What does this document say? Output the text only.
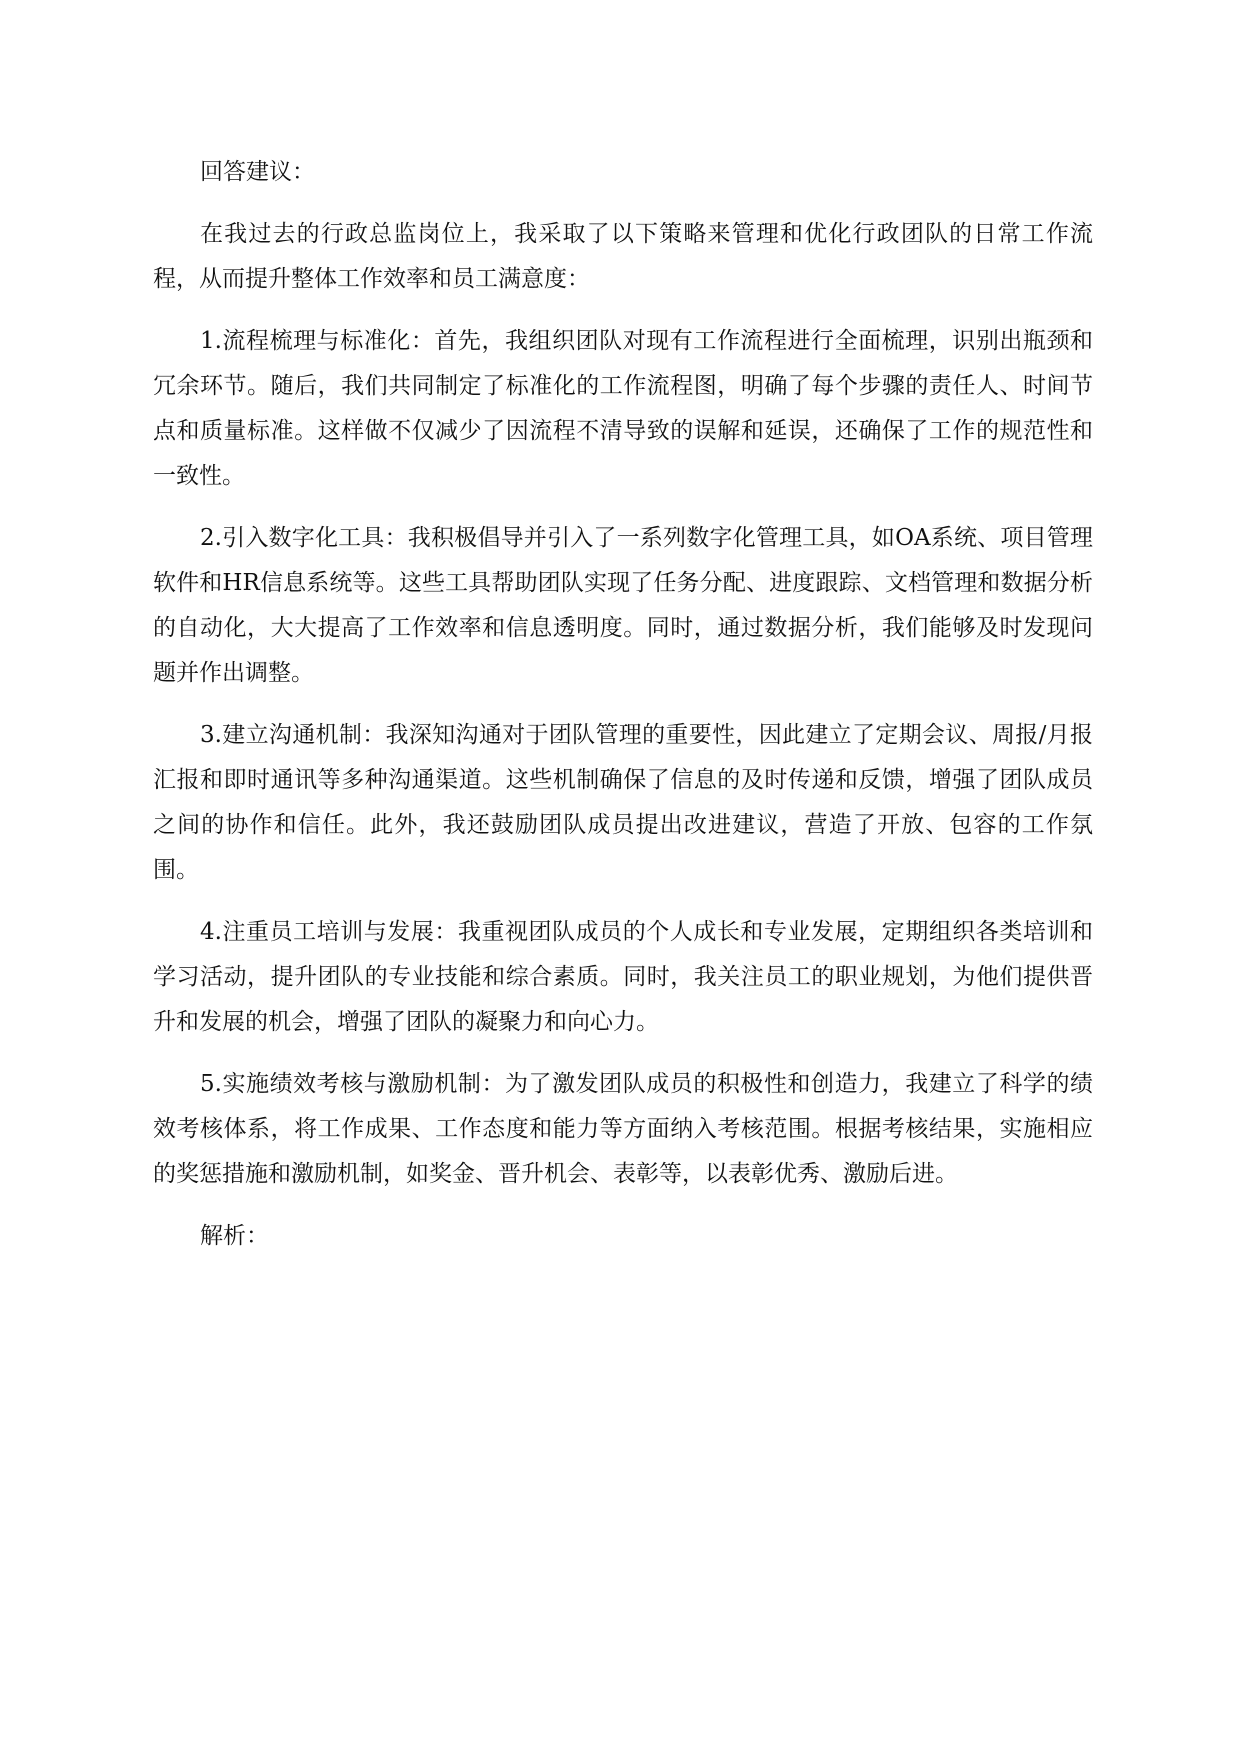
回答建议：

在我过去的行政总监岗位上，我采取了以下策略来管理和优化行政团队的日常工作流程，从而提升整体工作效率和员工满意度：

1.流程梳理与标准化：首先，我组织团队对现有工作流程进行全面梳理，识别出瓶颈和冗余环节。随后，我们共同制定了标准化的工作流程图，明确了每个步骤的责任人、时间节点和质量标准。这样做不仅减少了因流程不清导致的误解和延误，还确保了工作的规范性和一致性。

2.引入数字化工具：我积极倡导并引入了一系列数字化管理工具，如OA系统、项目管理软件和HR信息系统等。这些工具帮助团队实现了任务分配、进度跟踪、文档管理和数据分析的自动化，大大提高了工作效率和信息透明度。同时，通过数据分析，我们能够及时发现问题并作出调整。

3.建立沟通机制：我深知沟通对于团队管理的重要性，因此建立了定期会议、周报/月报汇报和即时通讯等多种沟通渠道。这些机制确保了信息的及时传递和反馈，增强了团队成员之间的协作和信任。此外，我还鼓励团队成员提出改进建议，营造了开放、包容的工作氛围。

4.注重员工培训与发展：我重视团队成员的个人成长和专业发展，定期组织各类培训和学习活动，提升团队的专业技能和综合素质。同时，我关注员工的职业规划，为他们提供晋升和发展的机会，增强了团队的凝聚力和向心力。

5.实施绩效考核与激励机制：为了激发团队成员的积极性和创造力，我建立了科学的绩效考核体系，将工作成果、工作态度和能力等方面纳入考核范围。根据考核结果，实施相应的奖惩措施和激励机制，如奖金、晋升机会、表彰等，以表彰优秀、激励后进。

解析：
